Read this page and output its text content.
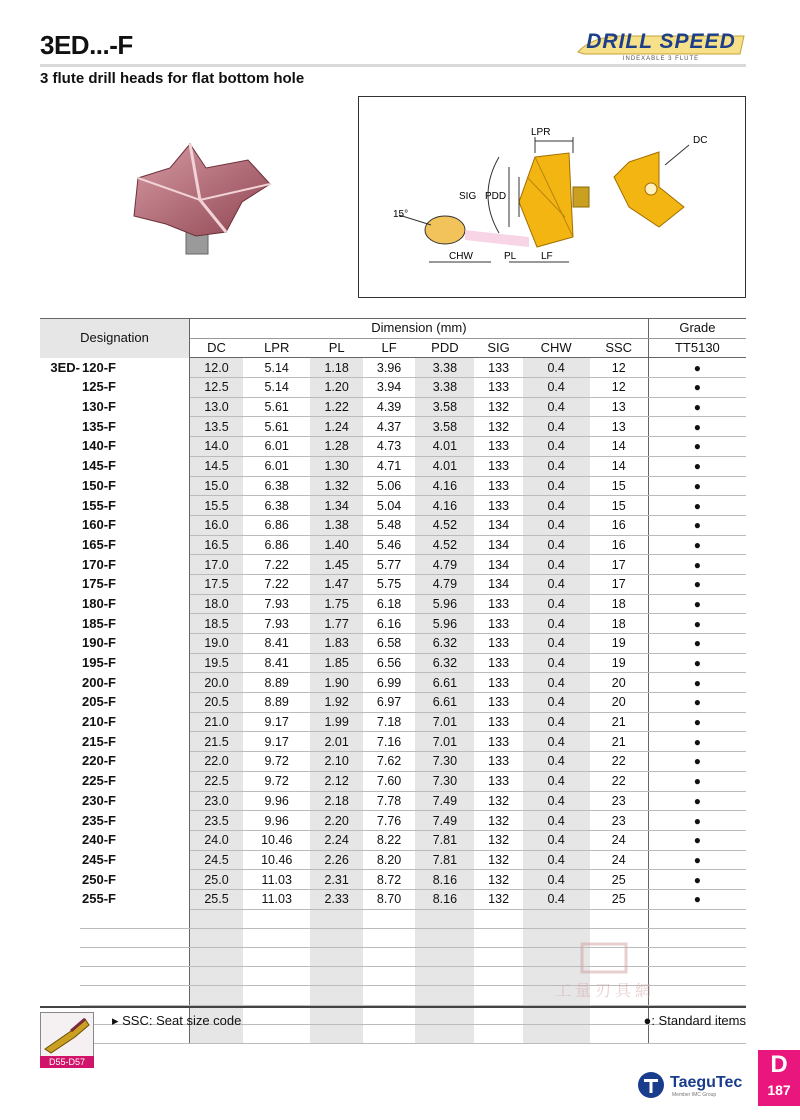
3ED...-F
3 flute drill heads for flat bottom hole
DRILL SPEED
INDEXABLE 3 FLUTE
LPR
DC
SIG PDD
15°
CHW	PL LF
Designation		Dimension (mm)								Grade
		DC	LPR	PL	LF	PDD	SIG	CHW	SSC	TT5130
3ED-	120-F	12.0	5.14	1.18	3.96	3.38	133	0.4	12	●
	125-F	12.5	5.14	1.20	3.94	3.38	133	0.4	12	●
	130-F	13.0	5.61	1.22	4.39	3.58	132	0.4	13	●
	135-F	13.5	5.61	1.24	4.37	3.58	132	0.4	13	●
	140-F	14.0	6.01	1.28	4.73	4.01	133	0.4	14	●
	145-F	14.5	6.01	1.30	4.71	4.01	133	0.4	14	●
	150-F	15.0	6.38	1.32	5.06	4.16	133	0.4	15	●
	155-F	15.5	6.38	1.34	5.04	4.16	133	0.4	15	●
	160-F	16.0	6.86	1.38	5.48	4.52	134	0.4	16	●
	165-F	16.5	6.86	1.40	5.46	4.52	134	0.4	16	●
	170-F	17.0	7.22	1.45	5.77	4.79	134	0.4	17	●
	175-F	17.5	7.22	1.47	5.75	4.79	134	0.4	17	●
	180-F	18.0	7.93	1.75	6.18	5.96	133	0.4	18	●
	185-F	18.5	7.93	1.77	6.16	5.96	133	0.4	18	●
	190-F	19.0	8.41	1.83	6.58	6.32	133	0.4	19	●
	195-F	19.5	8.41	1.85	6.56	6.32	133	0.4	19	●
	200-F	20.0	8.89	1.90	6.99	6.61	133	0.4	20	●
	205-F	20.5	8.89	1.92	6.97	6.61	133	0.4	20	●
	210-F	21.0	9.17	1.99	7.18	7.01	133	0.4	21	●
	215-F	21.5	9.17	2.01	7.16	7.01	133	0.4	21	●
	220-F	22.0	9.72	2.10	7.62	7.30	133	0.4	22	●
	225-F	22.5	9.72	2.12	7.60	7.30	133	0.4	22	●
	230-F	23.0	9.96	2.18	7.78	7.49	132	0.4	23	●
	235-F	23.5	9.96	2.20	7.76	7.49	132	0.4	23	●
	240-F	24.0	10.46	2.24	8.22	7.81	132	0.4	24	●
	245-F	24.5	10.46	2.26	8.20	7.81	132	0.4	24	●
	250-F	25.0	11.03	2.31	8.72	8.16	132	0.4	25	●
	255-F	25.5	11.03	2.33	8.70	8.16	132	0.4	25	●

D55-D57
▸ SSC: Seat size code	●: Standard items
工量刃具網
TaeguTec
Member IMC Group
D
187
